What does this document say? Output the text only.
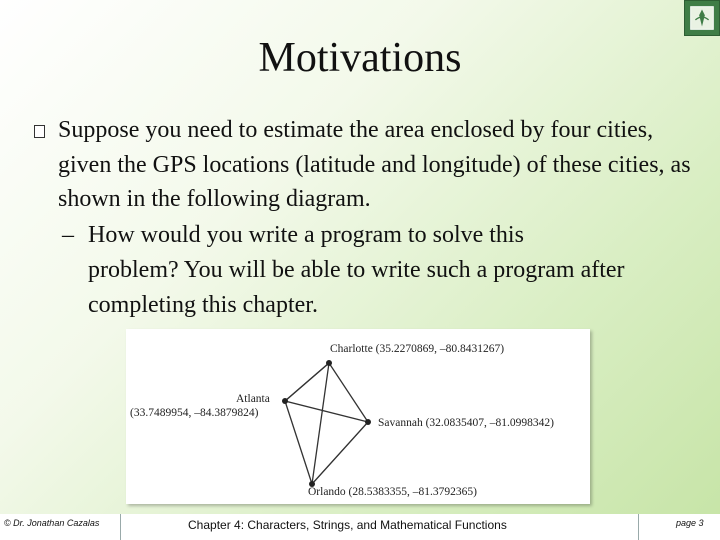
Motivations

Suppose you need to estimate the area enclosed by four cities, given the GPS locations (latitude and longitude) of these cities, as shown in the following diagram.

– How would you write a program to solve this
problem? You will be able to write such a program after completing this chapter.
Charlotte (35.2270869, –80.8431267)
Atlanta
(33.7489954, –84.3879824)
Savannah (32.0835407, –81.0998342)
Orlando (28.5383355, –81.3792365)
© Dr. Jonathan Cazalas	Chapter 4: Characters, Strings, and Mathematical Functions	page 3
